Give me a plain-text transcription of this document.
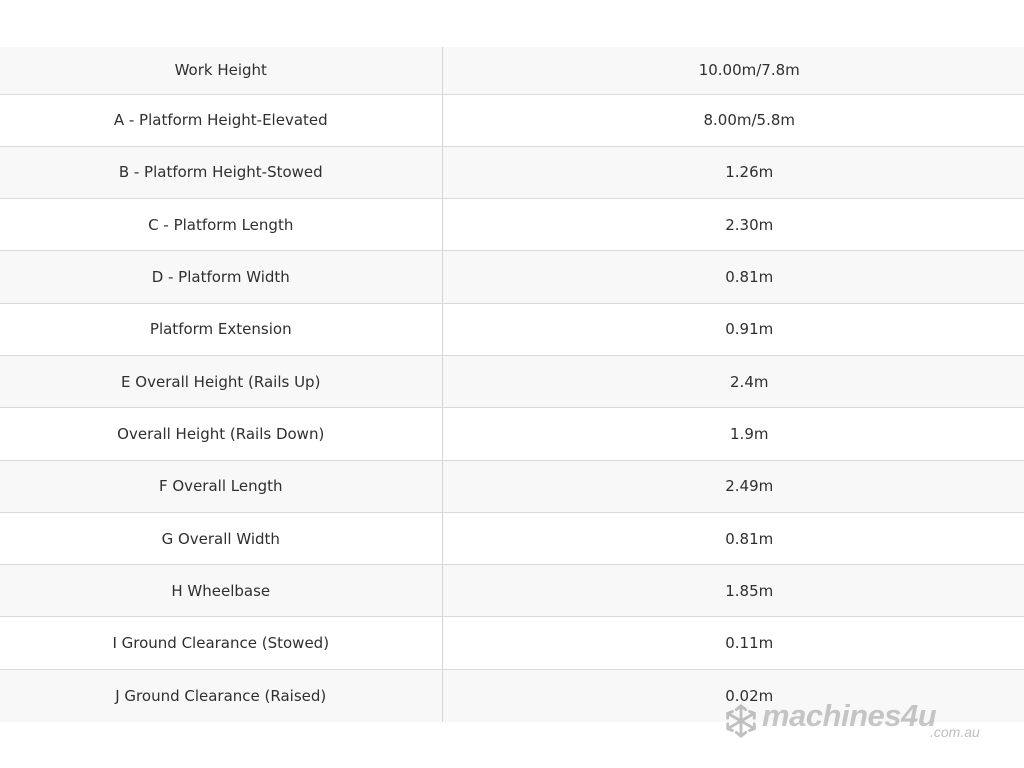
Work Height	10.00m/7.8m
A - Platform Height-Elevated	8.00m/5.8m
B - Platform Height-Stowed	1.26m
C - Platform Length	2.30m
D - Platform Width	0.81m
Platform Extension	0.91m
E Overall Height (Rails Up)	2.4m
Overall Height (Rails Down)	1.9m
F Overall Length	2.49m
G Overall Width	0.81m
H Wheelbase	1.85m
I Ground Clearance (Stowed)	0.11m
J Ground Clearance (Raised)	0.02m
machines4u
.com.au
